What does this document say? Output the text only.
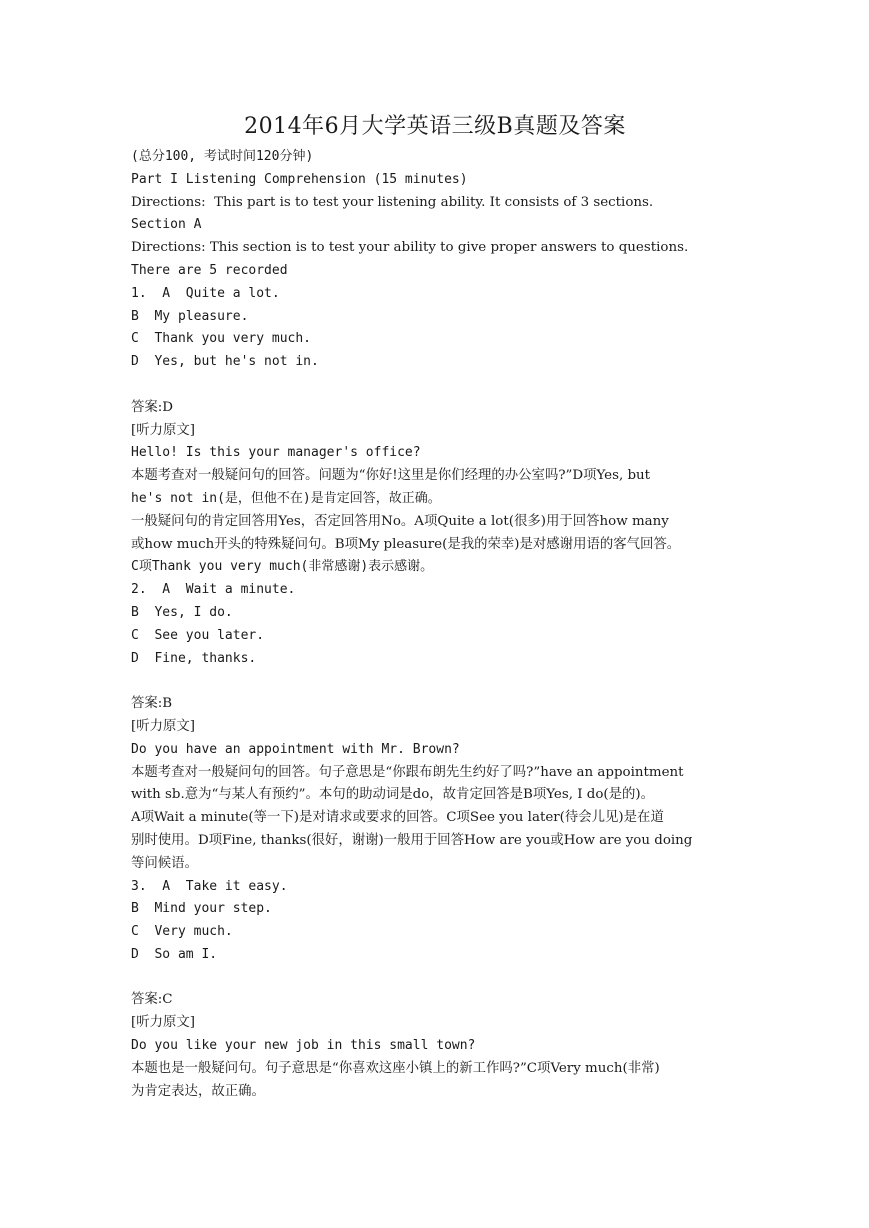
2014年6月大学英语三级B真题及答案
(总分100, 考试时间120分钟)
Part I Listening Comprehension (15 minutes)
Directions:  This part is to test your listening ability. It consists of 3 sections.
Section A
Directions: This section is to test your ability to give proper answers to questions.
There are 5 recorded
1.  A  Quite a lot.
B  My pleasure.
C  Thank you very much.
D  Yes, but he's not in.
答案:D
[听力原文]
Hello! Is this your manager's office?
本题考查对一般疑问句的回答。问题为“你好!这里是你们经理的办公室吗?”D项Yes, but
he's not in(是，但他不在)是肯定回答，故正确。
一般疑问句的肯定回答用Yes，否定回答用No。A项Quite a lot(很多)用于回答how many
或how much开头的特殊疑问句。B项My pleasure(是我的荣幸)是对感谢用语的客气回答。
C项Thank you very much(非常感谢)表示感谢。
2.  A  Wait a minute.
B  Yes, I do.
C  See you later.
D  Fine, thanks.
答案:B
[听力原文]
Do you have an appointment with Mr. Brown?
本题考查对一般疑问句的回答。句子意思是“你跟布朗先生约好了吗?”have an appointment
with sb.意为“与某人有预约”。本句的助动词是do，故肯定回答是B项Yes, I do(是的)。
A项Wait a minute(等一下)是对请求或要求的回答。C项See you later(待会儿见)是在道
别时使用。D项Fine, thanks(很好，谢谢)一般用于回答How are you或How are you doing
等问候语。
3.  A  Take it easy.
B  Mind your step.
C  Very much.
D  So am I.
答案:C
[听力原文]
Do you like your new job in this small town?
本题也是一般疑问句。句子意思是“你喜欢这座小镇上的新工作吗?”C项Very much(非常)
为肯定表达，故正确。
